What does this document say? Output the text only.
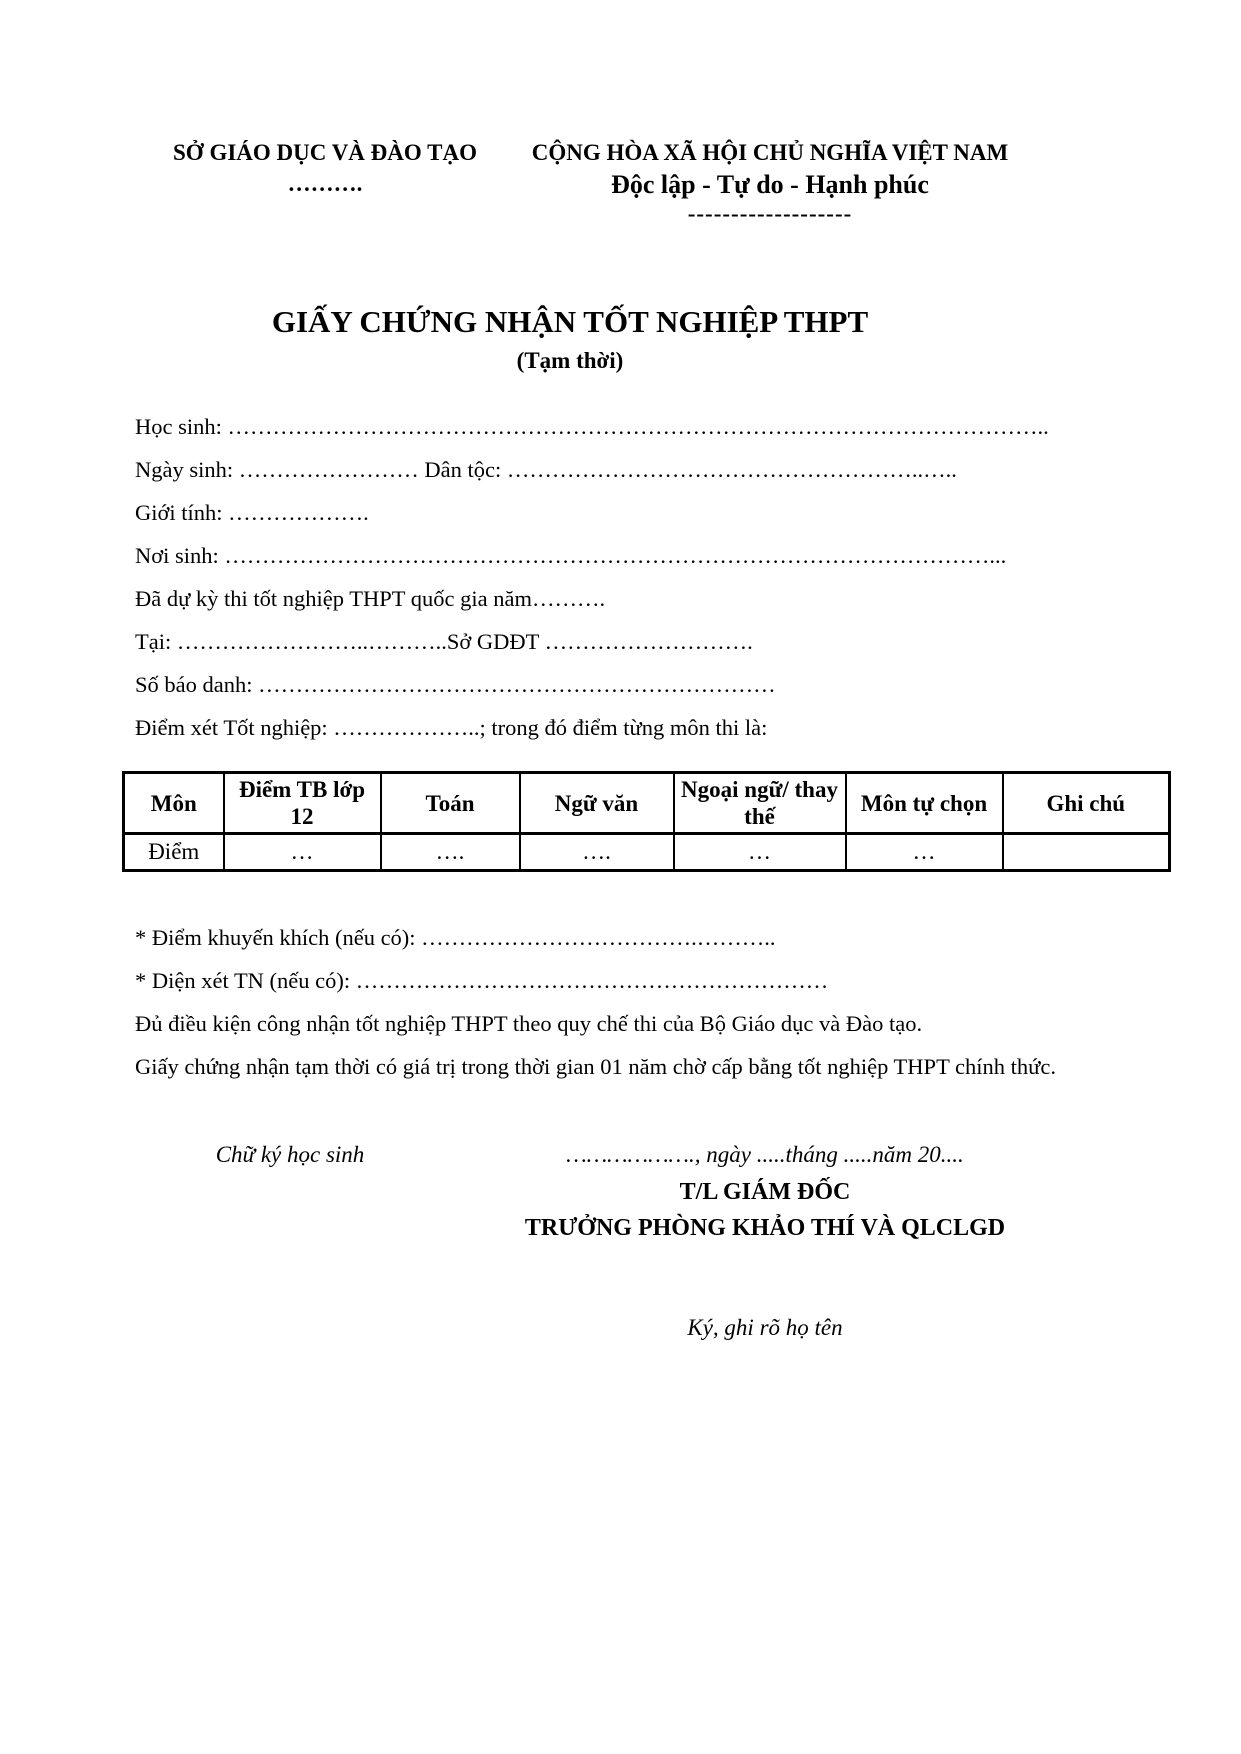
SỞ GIÁO DỤC VÀ ĐÀO TẠO
……….
CỘNG HÒA XÃ HỘI CHỦ NGHĨA VIỆT NAM
Độc lập - Tự do - Hạnh phúc
-------------------
GIẤY CHỨNG NHẬN TỐT NGHIỆP THPT
(Tạm thời)
Học sinh: ………………………………………………………………………………………………..
Ngày sinh: …………………… Dân tộc: ………………………………………………..…..
Giới tính: ……………….
Nơi sinh: …………………………………………………………………………………………...
Đã dự kỳ thi tốt nghiệp THPT quốc gia năm……….
Tại: ……………………..………..Sở GDĐT ……………………….
Số báo danh: ……………………………………………………………
Điểm xét Tốt nghiệp: ………………..; trong đó điểm từng môn thi là:
Môn	Điểm TB lớp 12	Toán	Ngữ văn	Ngoại ngữ/ thay thế	Môn tự chọn	Ghi chú
Điểm	…	….	….	…	…	
* Điểm khuyến khích (nếu có): ……………………………….………..
* Diện xét TN (nếu có): ………………………………………………………
Đủ điều kiện công nhận tốt nghiệp THPT theo quy chế thi của Bộ Giáo dục và Đào tạo.
Giấy chứng nhận tạm thời có giá trị trong thời gian 01 năm chờ cấp bằng tốt nghiệp THPT chính thức.
Chữ ký học sinh	………………., ngày .....tháng .....năm 20....
T/L GIÁM ĐỐC
TRƯỞNG PHÒNG KHẢO THÍ VÀ QLCLGD
Ký, ghi rõ họ tên
